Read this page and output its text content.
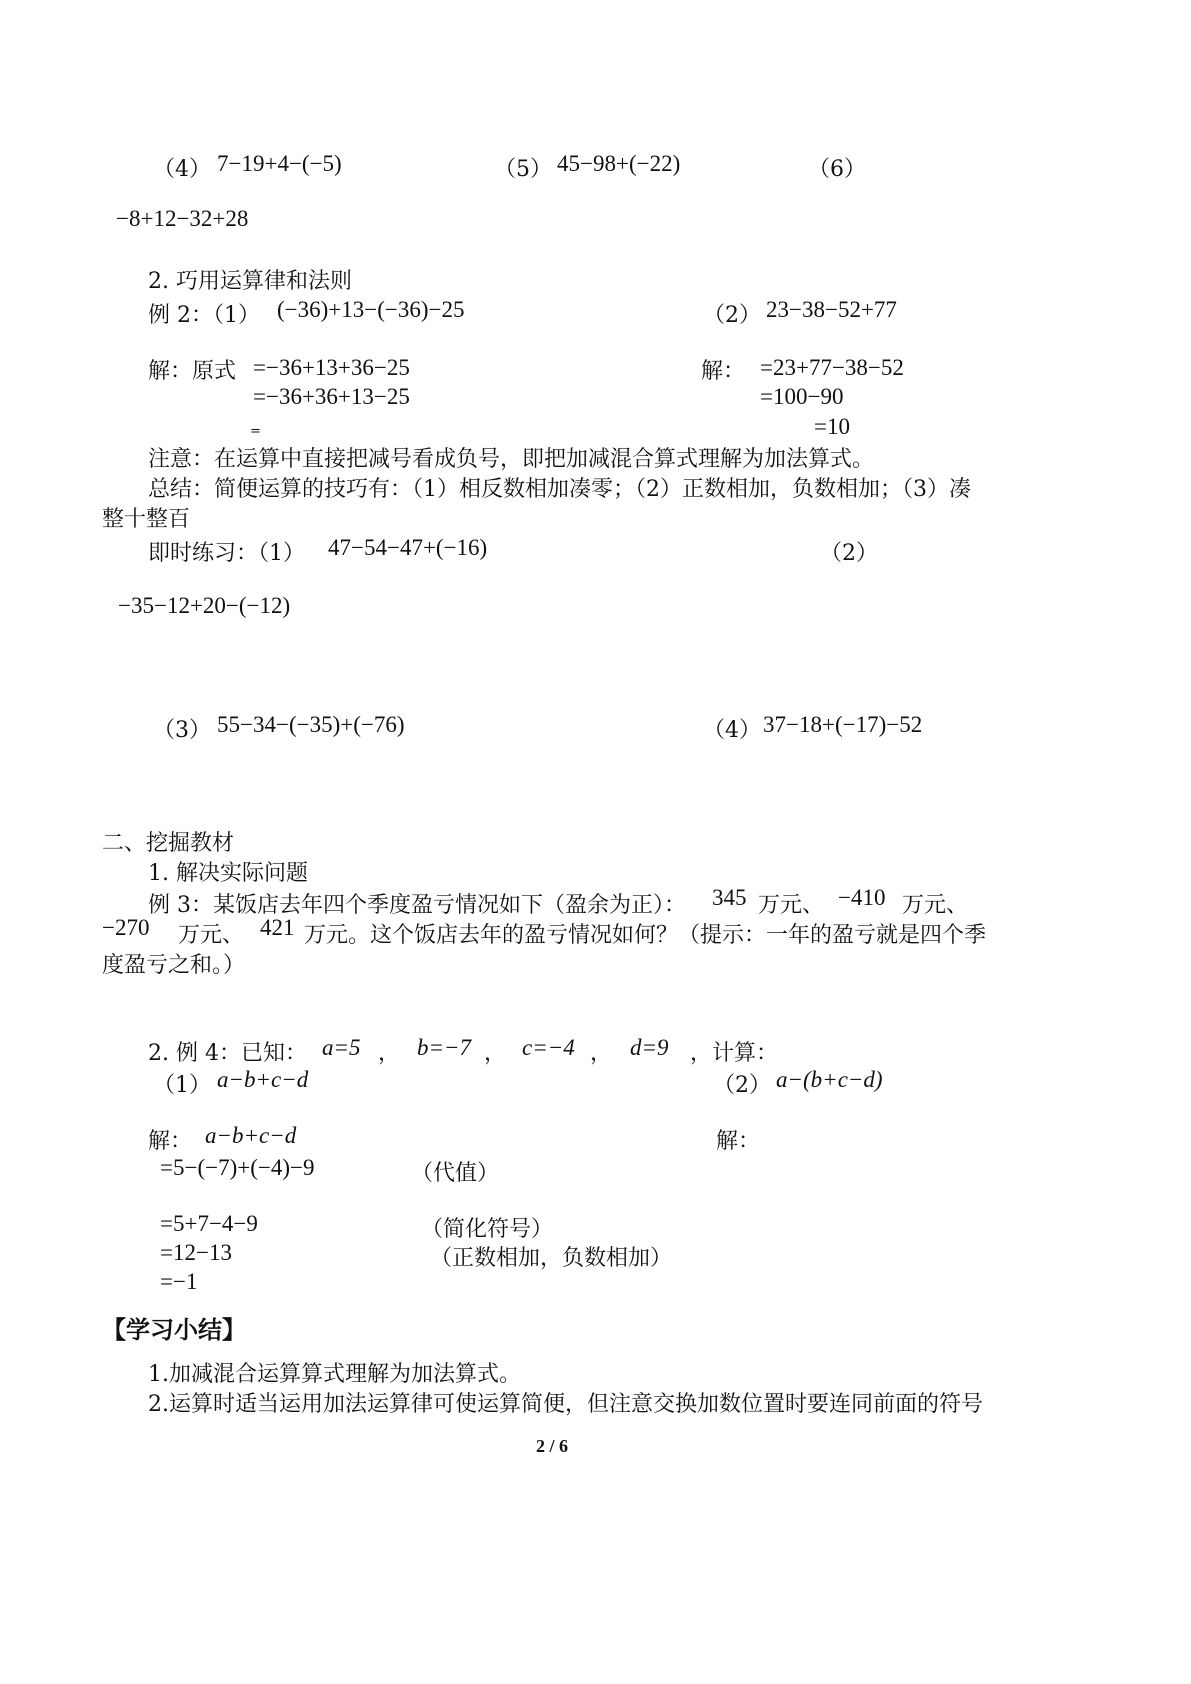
（4） 7−19+4−(−5)	（5） 45−98+(−22)	（6）
−8+12−32+28
2. 巧用运算律和法则
例 2：（1） (−36)+13−(−36)−25	（2） 23−38−52+77
解：原式 =−36+13+36−25
=−36+36+13−25
=
解： =23+77−38−52
=100−90
=10
注意：在运算中直接把减号看成负号，即把加减混合算式理解为加法算式。
总结：简便运算的技巧有：（1）相反数相加凑零；（2）正数相加，负数相加；（3）凑
整十整百
即时练习：（1） 47−54−47+(−16)	（2）
−35−12+20−(−12)
（3） 55−34−(−35)+(−76)	（4） 37−18+(−17)−52
二、挖掘教材
1. 解决实际问题
例 3：某饭店去年四个季度盈亏情况如下（盈余为正）： 345 万元、 −410 万元、
−270 万元、 421 万元。这个饭店去年的盈亏情况如何？（提示：一年的盈亏就是四个季
度盈亏之和。）
2. 例 4：已知： a=5 ， b=−7 ， c=−4 ， d=9 ，计算：
（1） a−b+c−d	（2） a−(b+c−d)
解： a−b+c−d	解：
=5−(−7)+(−4)−9	（代值）
=5+7−4−9	（简化符号）
=12−13	（正数相加，负数相加）
=−1
【学习小结】
1.加减混合运算算式理解为加法算式。
2.运算时适当运用加法运算律可使运算简便，但注意交换加数位置时要连同前面的符号
2 / 6
